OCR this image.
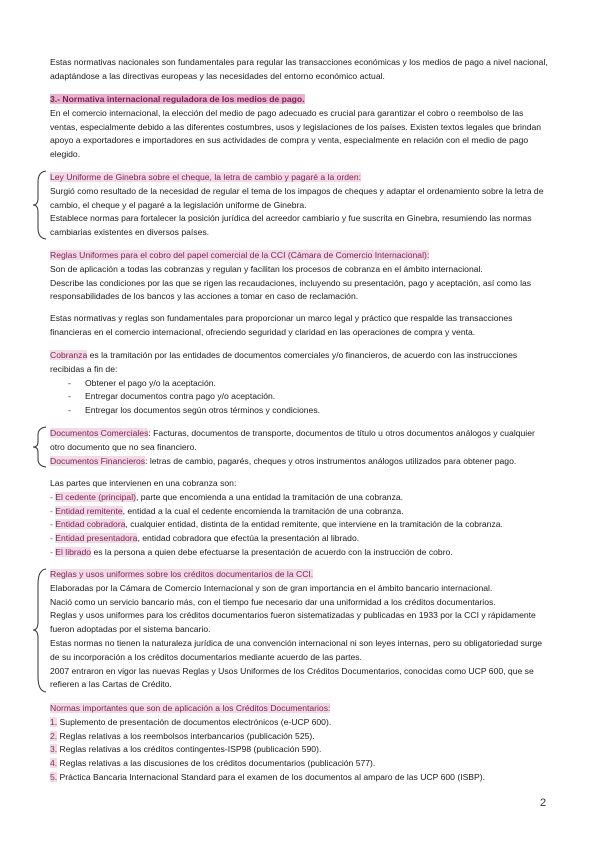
Estas normativas nacionales son fundamentales para regular las transacciones económicas y los medios de pago a nivel nacional, adaptándose a las directivas europeas y las necesidades del entorno económico actual.

3.- Normativa internacional reguladora de los medios de pago.

En el comercio internacional, la elección del medio de pago adecuado es crucial para garantizar el cobro o reembolso de las ventas, especialmente debido a las diferentes costumbres, usos y legislaciones de los países. Existen textos legales que brindan apoyo a exportadores e importadores en sus actividades de compra y venta, especialmente en relación con el medio de pago elegido.

Ley Uniforme de Ginebra sobre el cheque, la letra de cambio y pagaré a la orden:

Surgió como resultado de la necesidad de regular el tema de los impagos de cheques y adaptar el ordenamiento sobre la letra de cambio, el cheque y el pagaré a la legislación uniforme de Ginebra.

Establece normas para fortalecer la posición jurídica del acreedor cambiario y fue suscrita en Ginebra, resumiendo las normas cambiarias existentes en diversos países.

Reglas Uniformes para el cobro del papel comercial de la CCI (Cámara de Comercio Internacional):

Son de aplicación a todas las cobranzas y regulan y facilitan los procesos de cobranza en el ámbito internacional.

Describe las condiciones por las que se rigen las recaudaciones, incluyendo su presentación, pago y aceptación, así como las responsabilidades de los bancos y las acciones a tomar en caso de reclamación.

Estas normativas y reglas son fundamentales para proporcionar un marco legal y práctico que respalde las transacciones financieras en el comercio internacional, ofreciendo seguridad y claridad en las operaciones de compra y venta.

Cobranza es la tramitación por las entidades de documentos comerciales y/o financieros, de acuerdo con las instrucciones recibidas a fin de:

- Obtener el pago y/o la aceptación.
- Entregar documentos contra pago y/o aceptación.
- Entregar los documentos según otros términos y condiciones.

Documentos Comerciales: Facturas, documentos de transporte, documentos de título u otros documentos análogos y cualquier otro documento que no sea financiero.

Documentos Financieros: letras de cambio, pagarés, cheques y otros instrumentos análogos utilizados para obtener pago.

Las partes que intervienen en una cobranza son:

- El cedente (principal), parte que encomienda a una entidad la tramitación de una cobranza.

- Entidad remitente, entidad a la cual el cedente encomienda la tramitación de una cobranza.

- Entidad cobradora, cualquier entidad, distinta de la entidad remitente, que interviene en la tramitación de la cobranza.

- Entidad presentadora, entidad cobradora que efectúa la presentación al librado.

- El librado es la persona a quien debe efectuarse la presentación de acuerdo con la instrucción de cobro.

Reglas y usos uniformes sobre los créditos documentarios de la CCI.

Elaboradas por la Cámara de Comercio Internacional y son de gran importancia en el ámbito bancario internacional.

Nació como un servicio bancario más, con el tiempo fue necesario dar una uniformidad a los créditos documentarios.

Reglas y usos uniformes para los créditos documentarios fueron sistematizadas y publicadas en 1933 por la CCI y rápidamente fueron adoptadas por el sistema bancario.

Estas normas no tienen la naturaleza jurídica de una convención internacional ni son leyes internas, pero su obligatoriedad surge de su incorporación a los créditos documentarios mediante acuerdo de las partes.

2007 entraron en vigor las nuevas Reglas y Usos Uniformes de los Créditos Documentarios, conocidas como UCP 600, que se refieren a las Cartas de Crédito.

Normas importantes que son de aplicación a los Créditos Documentarios:

1. Suplemento de presentación de documentos electrónicos (e-UCP 600).

2. Reglas relativas a los reembolsos interbancarios (publicación 525).

3. Reglas relativas a los créditos contingentes-ISP98 (publicación 590).

4. Reglas relativas a las discusiones de los créditos documentarios (publicación 577).

5. Práctica Bancaria Internacional Standard para el examen de los documentos al amparo de las UCP 600 (ISBP).

2
